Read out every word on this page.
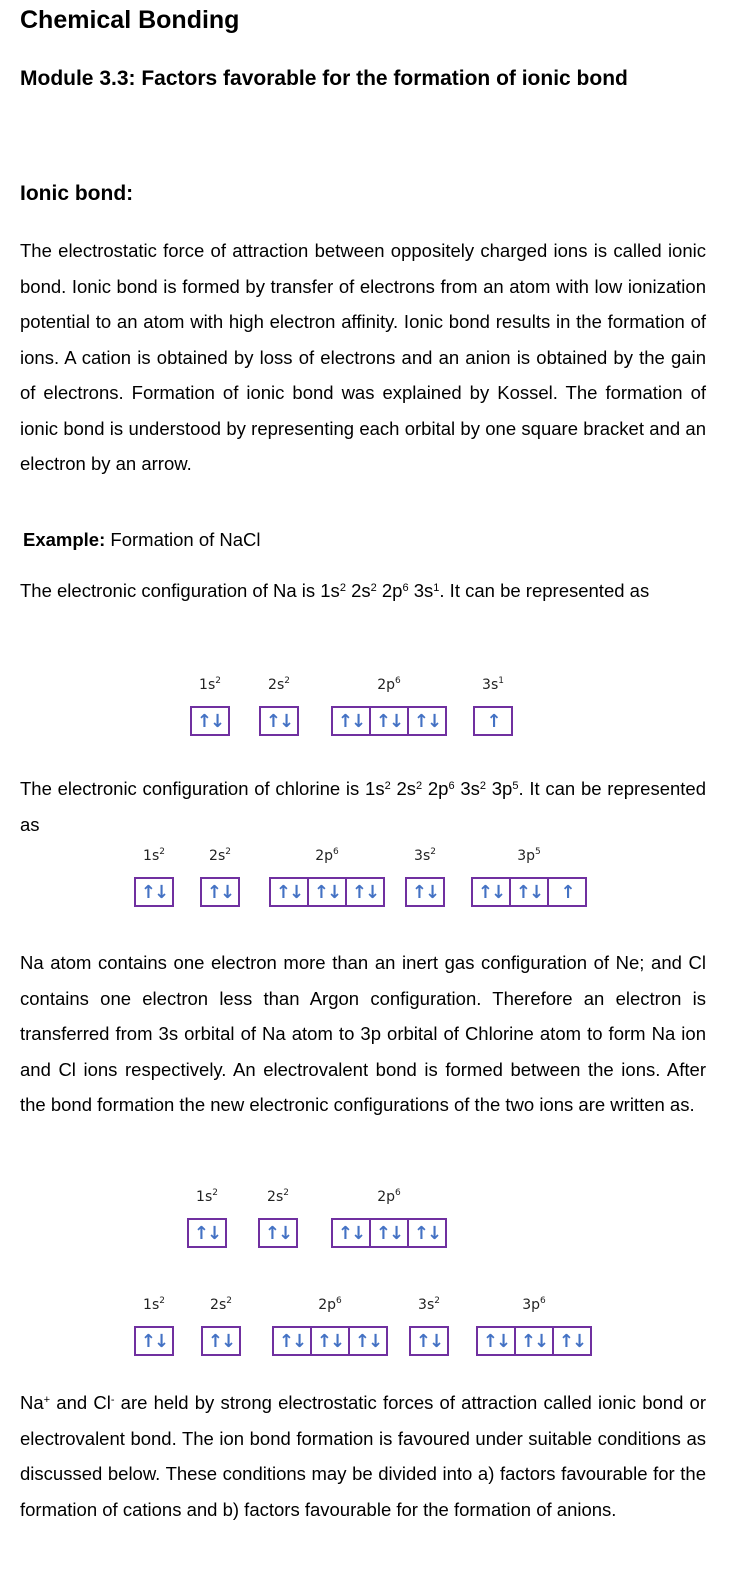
Chemical Bonding

Module 3.3: Factors favorable for the formation of ionic bond

Ionic bond:

The electrostatic force of attraction between oppositely charged ions is called ionic bond. Ionic bond is formed by transfer of electrons from an atom with low ionization potential to an atom with high electron affinity. Ionic bond results in the formation of ions. A cation is obtained by loss of electrons and an anion is obtained by the gain of electrons. Formation of ionic bond was explained by Kossel. The formation of ionic bond is understood by representing each orbital by one square bracket and an electron by an arrow.

Example: Formation of NaCl

The electronic configuration of Na is $1s^2$ $2s^2$ $2p^6$ $3s^1$. It can be represented as

$1s^2$
↑↓
$2s^2$
↑↓
$2p^6$
↑↓ ↑↓ ↑↓
$3s^1$
↑

The electronic configuration of chlorine is $1s^2$ $2s^2$ $2p^6$ $3s^2$ $3p^5$. It can be represented as

$1s^2$
↑↓
$2s^2$
↑↓
$2p^6$
↑↓ ↑↓ ↑↓
$3s^2$
↑↓
$3p^5$
↑↓ ↑↓	↑

Na atom contains one electron more than an inert gas configuration of Ne; and Cl contains one electron less than Argon configuration. Therefore an electron is transferred from 3s orbital of Na atom to 3p orbital of Chlorine atom to form Na ion and Cl ions respectively. An electrovalent bond is formed between the ions. After the bond formation the new electronic configurations of the two ions are written as.

$1s^2$
↑↓
$2s^2$
↑↓
$2p^6$
↑↓ ↑↓ ↑↓
$1s^2$
↑↓
$2s^2$
↑↓
$2p^6$
↑↓ ↑↓ ↑↓
$3s^2$
↑↓
$3p^6$
↑↓ ↑↓ ↑↓

Na+ and Cl- are held by strong electrostatic forces of attraction called ionic bond or electrovalent bond. The ion bond formation is favoured under suitable conditions as discussed below. These conditions may be divided into a) factors favourable for the formation of cations and b) factors favourable for the formation of anions.
